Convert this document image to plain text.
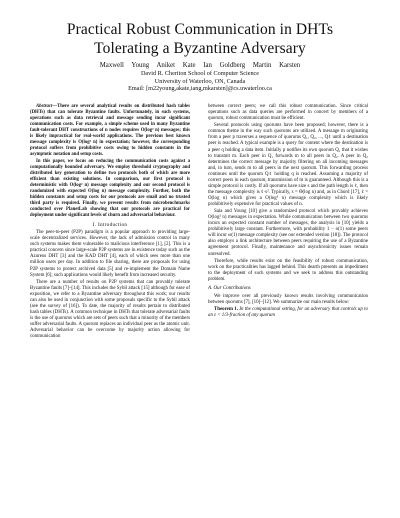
Practical Robust Communication in DHTs
Tolerating a Byzantine Adversary
Maxwell Young Aniket Kate Ian Goldberg Martin Karsten
David R. Cheriton School of Computer Science
University of Waterloo, ON, Canada
Email: [m22young,akate,iang,mkarsten]@cs.uwaterloo.ca

Abstract—There are several analytical results on distributed hash tables (DHTs) that can tolerate Byzantine faults. Unfortunately, in such systems, operations such as data retrieval and message sending incur significant communication costs. For example, a simple scheme used in many Byzantine fault-tolerant DHT constructions of n nodes requires O(log³ n) messages; this is likely impractical for real-world applications. The previous best known message complexity is O(log² n) in expectation; however, the corresponding protocol suffers from prohibitive costs owing to hidden constants in the asymptotic notation and setup costs.

In this paper, we focus on reducing the communication costs against a computationally bounded adversary. We employ threshold cryptography and distributed key generation to define two protocols both of which are more efficient than existing solutions. In comparison, our first protocol is deterministic with O(log² n) message complexity and our second protocol is randomized with expected O(log n) message complexity. Further, both the hidden constants and setup costs for our protocols are small and no trusted third party is required. Finally, we present results from microbenchmarks conducted over PlanetLab showing that our protocols are practical for deployment under significant levels of churn and adversarial behaviour.

I. Introduction

The peer-to-peer (P2P) paradigm is a popular approach to providing large-scale decentralized services. However, the lack of admission control in many such systems makes them vulnerable to malicious interference [1], [2]. This is a practical concern since large-scale P2P systems are in existence today such as the Azureus DHT [3] and the KAD DHT [4], each of which sees more than one million users per day. In addition to file sharing, there are proposals for using P2P systems to protect archived data [5] and re-implement the Domain Name System [6]; such applications would likely benefit from increased security.

There are a number of results on P2P systems that can provably tolerate Byzantine faults [7]–[14]. This includes the Sybil attack [15] although for ease of exposition, we refer to a Byzantine adversary throughout this work; our results can also be used in conjunction with some proposals specific to the Sybil attack (see the survey of [16]). To date, the majority of results pertain to distributed hash tables (DHTs). A common technique in DHTs that tolerate adversarial faults is the use of quorums which are sets of peers such that a minority of the members suffer adversarial faults. A quorum replaces an individual peer as the atomic unit. Adversarial behavior can be overcome by majority action allowing for communication

between correct peers; we call this robust communication. Since critical operations such as data queries are performed in concert by members of a quorum, robust communication must be efficient.

Several protocols using quorums have been proposed; however, there is a common theme in the way such quorums are utilized. A message m originating from a peer p traverses a sequence of quorums Q₁, Q₂, ..., Qℓ until a destination peer is reached. A typical example is a query for content where the destination is a peer q holding a data item. Initially p notifies its own quorum Q₁ that it wishes to transmit m. Each peer in Q₁ forwards m to all peers in Q₂. A peer in Q₂ determines the correct message by majority filtering on all incoming messages and, in turn, sends m to all peers in the next quorum. This forwarding process continues until the quorum Qℓ holding q is reached. Assuming a majority of correct peers in each quorum, transmission of m is guaranteed. Although this is a simple protocol is costly. If all quorums have size s and the path length is ℓ, then the message complexity is ℓ·s². Typically, s = Θ(log n) and, as in Chord [17], ℓ = O(log n) which gives a O(log³ n) message complexity which is likely prohibitively expensive for practical values of n.

Saia and Young [10] give a randomized protocol which provably achieves O(log² n) messages in expectation. While communication between two quorums incurs an expected constant number of messages, the analysis in [10] yields a prohibitively large constant. Furthermore, with probability 1 − o(1) some peers will incur ω(1) message complexity (see our extended version [18]). The protocol also employs a link architecture between peers requiring the use of a Byzantine agreement protocol. Finally, maintenance and asynchronicity issues remain unresolved.

Therefore, while results exist on the feasibility of robust communication, work on the practicalities has lagged behind. This dearth presents an impediment to the deployment of such systems and we seek to address this outstanding problem.

A. Our Contributions

We improve over all previously known results involving communication between quorums [7], [10]–[12]. We summarize our main results below:

Theorem 1. In the computational setting, for an adversary that controls up to an ε < 1/3-fraction of any quorum
